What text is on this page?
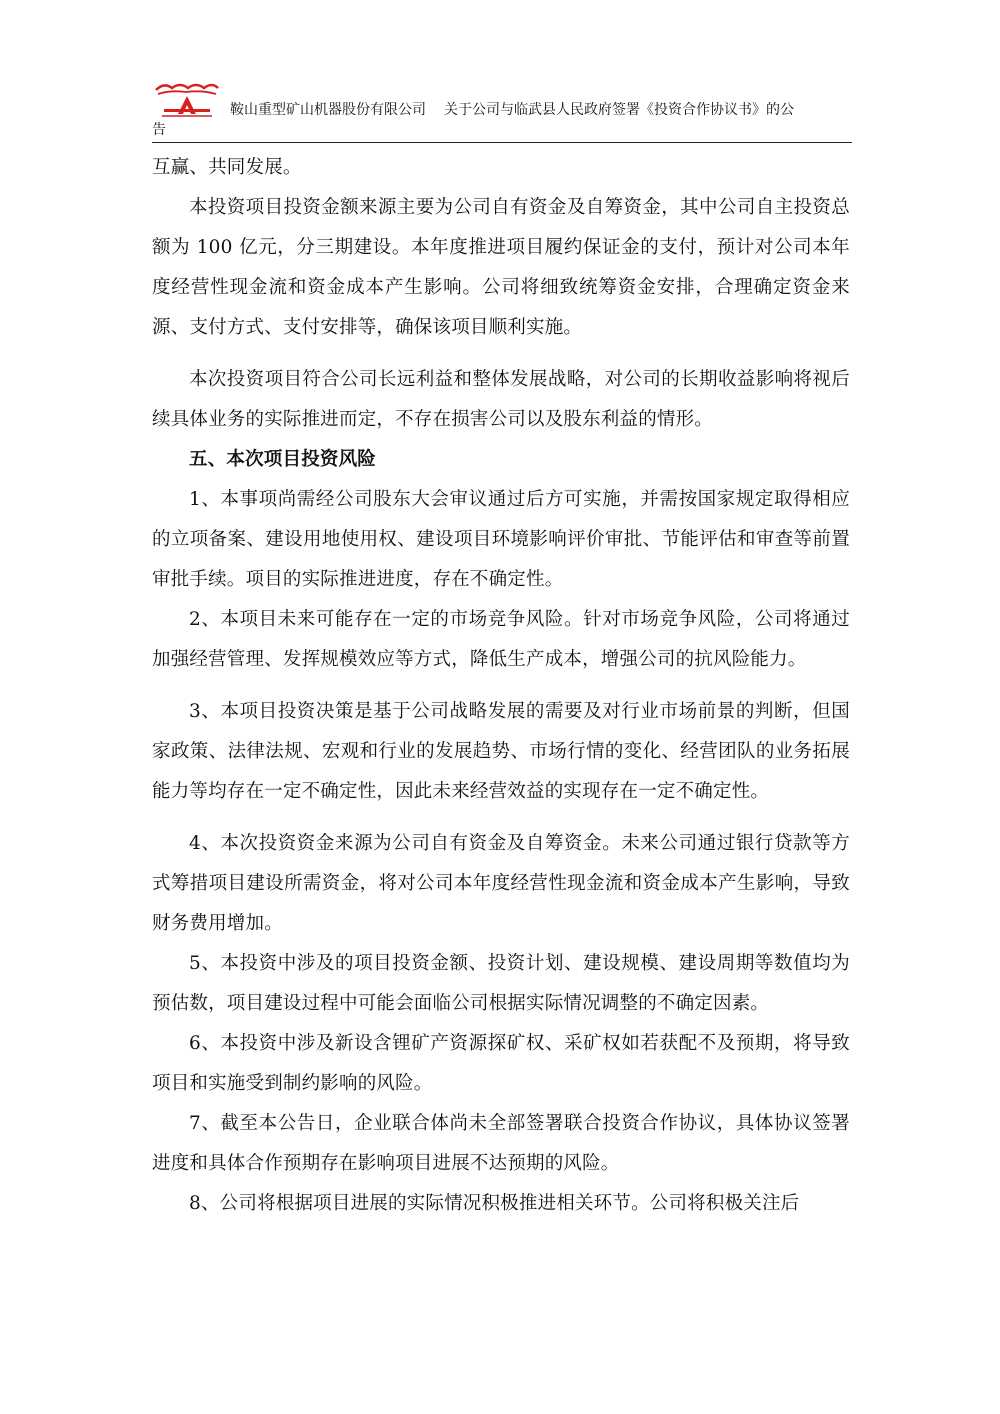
鞍山重型矿山机器股份有限公司 关于公司与临武县人民政府签署《投资合作协议书》的公
告

互赢、共同发展。

本投资项目投资金额来源主要为公司自有资金及自筹资金，其中公司自主投资总额为 100 亿元，分三期建设。本年度推进项目履约保证金的支付，预计对公司本年度经营性现金流和资金成本产生影响。公司将细致统筹资金安排，合理确定资金来源、支付方式、支付安排等，确保该项目顺利实施。

本次投资项目符合公司长远利益和整体发展战略，对公司的长期收益影响将视后续具体业务的实际推进而定，不存在损害公司以及股东利益的情形。

五、本次项目投资风险

1、本事项尚需经公司股东大会审议通过后方可实施，并需按国家规定取得相应的立项备案、建设用地使用权、建设项目环境影响评价审批、节能评估和审查等前置审批手续。项目的实际推进进度，存在不确定性。

2、本项目未来可能存在一定的市场竞争风险。针对市场竞争风险，公司将通过加强经营管理、发挥规模效应等方式，降低生产成本，增强公司的抗风险能力。

3、本项目投资决策是基于公司战略发展的需要及对行业市场前景的判断，但国家政策、法律法规、宏观和行业的发展趋势、市场行情的变化、经营团队的业务拓展能力等均存在一定不确定性，因此未来经营效益的实现存在一定不确定性。

4、本次投资资金来源为公司自有资金及自筹资金。未来公司通过银行贷款等方式筹措项目建设所需资金，将对公司本年度经营性现金流和资金成本产生影响，导致财务费用增加。

5、本投资中涉及的项目投资金额、投资计划、建设规模、建设周期等数值均为预估数，项目建设过程中可能会面临公司根据实际情况调整的不确定因素。

6、本投资中涉及新设含锂矿产资源探矿权、采矿权如若获配不及预期，将导致项目和实施受到制约影响的风险。

7、截至本公告日，企业联合体尚未全部签署联合投资合作协议，具体协议签署进度和具体合作预期存在影响项目进展不达预期的风险。

8、公司将根据项目进展的实际情况积极推进相关环节。公司将积极关注后
